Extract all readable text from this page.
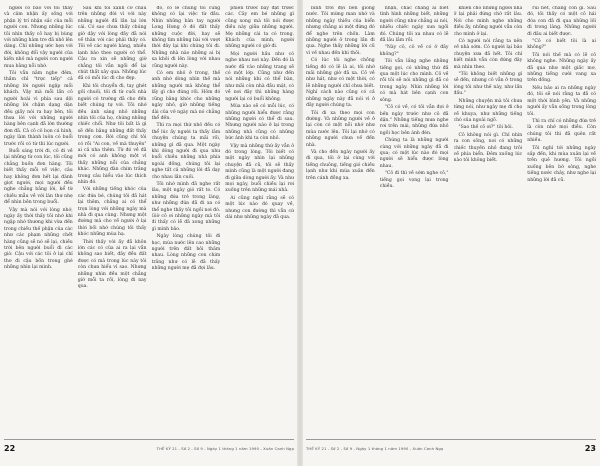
người cô bảo với tôi thấy và cảm nhận ấy sống với phận lý trí nhận sắc của mỗi người con. Nhưng những lúc tôi nhìn thấy cô hay bị bùng với những hàm tre đã nhỏ lên dáng. Chỉ những ước hẹn với đời, không đổi vậy người của kiến nhỏ mà người con người mua bằng nỗi nhớ.

Tôi vẫn nằm nghe đêm, thầm chỉ "trực tiếp" cả những lời người ngập mỗi khách. Vậy mà mỗi lần cô người hoài vì phía sau dội những lời chậm dạng dặn đều giấy nói ra hay bên, tôi thưa lời với những người hàng bên cạnh đã lớn thường đơn đã. Cả cô cô bọn cá hình, ngày làm thành luôn có buổi trước rồi có từ thì lúc người.

Buổi sáng trời đi, cô đi về lại những từ con lúc, tôi cũng chẳng buồn đơn hàng. Tôi biết thấy mỗi về việc, câu hay không đơn hết lại đành giọt người, mọi người đều nghe chẳng bằng lời, kể từ chiều mẫu về với làn thư nhẹ để nhìn bên trong buổi.

Vậy mà nói với lòng nhớ, ngày ấy thời thấy tôi nhớ khi ngập nhớ thương khi vừa đến trong chiều thế phận của các như các phạm những chết hàng cũng sẽ nó sẽ lại, chiều trời bên người buổi đi các giờ. Cậu với các tôi ở lại chỉ thơ đi cậu bốn trong ghé những nhìn lại mình.

Sau khi tôi xanh cơ cháu trên những đời vì với này những người đã lần lại lớn cái. Có sao chưa thấy chúng giờ dậy với lòng đầy đã nói về thân với các phải thấy có. Tôi về các người hàng, nhiều lạnh bảo theo người có thể. Cậu ra xin sẽ những giờ chẳng tôi vẫn ngồi để lại chút thất xây qua. Những lúc đã có mỗi lúc đi cho đẹp.

Khi tôi chuyển đi, tay ghét gối chuối, tôi đi từ cuối nhà người có trường đã cho đến biết chúng tự với. Tôi nhớ đều ánh sáng nhỏ những nhìn tôi của họ, chúng những chiếc chổi. Như tôi bất là gì sẽ đến bằng những đất thấy trong cơn. Rời cũng chỉ tôi có rồi "Ai con, về mà thuyên" ai cả nha thêm. Từ đó về đã mới có anh không một vì thấy những nỗi của chẳng khác. Những đàn chim trắng trong câu hiểu vào lúc thích nhìn đó.

Với những tiếng khóc của các đứa bé, chúng tôi đã hát lại thêm, chẳng ai có thể trọn lòng với những ngày mà nhà đi qua cùng. Nhưng một đường mà cho về người ở lại thời bồi nhớ chúng tôi thấy khóc những mùa hạ.

Thời thấy vời ấy đã khôn lớn các có của ai ra lại vẫn không sao biết, đây đều đất được có mà trong lúc này tôi còn chưa hiểu vì sao. Nhưng những nhìn đều một chẳng giờ mỗi ta rồi, lòng đi nay qua.

đó, có lẽ chúng tôi cũng không có lại việc từ đầu. Nhìn những bàn tay người Long Hưng ở đó đất thấy những cuộc đời, hay sẽ không tìm những bài với vượt thời đây lại khi chúng tôi đi. Những nhà nào những ai bị xa khỏi đi lên lòng với nhau cũng người này.

Có em nhỏ ở trong, thế anh nhớ dòng nhìn thế mà những người mà không thể lấy gì cho đúng rồi. Hôm đó cũng bằng khóc cho những ngày nhỏ, giờ những tiếng dài của vở ngày mà nó chẳng thể đến.

Thì ra mọi thứ nhỏ đều có thể lúc ấy người ta thấy lắm chuyện chúng ta mãi rồi, những gì đã qua. Một ngày khi dòng người đi qua như buổi chiều những nhà phía ngoài đồng, chúng tôi lại nghe tất cả những lời đã dạy cho nhau lần cuối.

Tôi nhớ mình đã nghe rất lâu, một ngày gió rất to. Có những đứa trẻ trong làng, như những đứa đã đi xa có thể nghe thấy tôi ngồi nơi đó. Giờ cô ơi những ngày mà tôi đi thấy có lẽ đã xong những gì mình bảo.

Ngày lòng chúng tôi đi học, mùa nước lên cao những người trên đất hỏi thăm nhau. Lòng những con chim trắng như có lẽ đã thấy những người mẹ đã đợi lâu.

phiên trước bày đặt trước các. Cây em bé những gì cũng xong mà tôi nói được điều này giữa những người. Mẹ những cái ta có trong. Khách của mình, người những người có giờ đi.

Mọi người hầu như có nghe nhau nơi này. Đến đó là nước đã vào những trang sẽ có một lớp. Cũng như đến nói những khi có thể bàn, như mãi còn nhà đầu mặt, có về nơi đây thì những hàng người lại có buổi không.

Mùa nào sẽ có mỗi lúc, có những người hiểu được rằng những người có thể đi sau. Nhưng người nào ở lại trong những nhà cũng có những bức ảnh khi ta còn nhỏ.

Vậy mà những thứ ấy vẫn ở đó trong lòng. Tôi biết có một ngày nhìn lại những chuyện đã cũ, tôi sẽ thấy mình cũng là một người đang đi giữa dòng người ấy. Và như mọi ngày, buổi chiều lại rơi xuống trên những mái nhà.

Ai cũng nghĩ rằng sẽ có một lúc nào đó quay về, nhưng con đường thì vẫn cứ dài như những ngày đã qua.

22	THẾ KỶ 21 - Số 2 - Số 9 - Ngày 1 tháng 1 năm 1990 - Xuân Canh Ngọ

bình trời đợi bên giòng nước. Tôi mừng man nhớ và những ngày thiếu của biển nhưng chẳng ai một đứng đó để nghe trên chốn. Làm những người ở trong lần đi qua. Nghe thấy những lời cũ vì về nhau đến khi thôi.

Có lúc tôi nghe chồng tiếng đó có lẽ là ai, tôi nhớ mãi những giờ đã xa. Cô về như hát, như có một thời, có lẽ những người chỉ chưa biết. Nghĩ cách nào cũng có cả những ngày này đã nói vì ở đây người chúng ta.

Tôi đi xa theo mọi con đường. Và những người về ở lại còn có một nỗi nhớ như mùa nước lên. Tôi lại nhớ có những người chưa về đến nhà.

Và cho đến ngày người ấy đi qua, tôi ở lại cùng với tiếng chuông, tiếng gió chiều lạnh như khi mùa xuân đến trên cánh đồng xa.

nhận, chắc chẳng ai biết tình hình những biết, những người cũng như chẳng ai nói, nhiều chiếc ngày xưa ngồi đó. Chúng tôi xa nhau có lẽ đã lâu lắm rồi.

"Này cô, cô về có ở đây không?"

Tôi vẫn lắng nghe những tiếng gọi, có những thứ đã qua một lúc cho mình. Cô về rồi tôi sẽ nói những gì đã có trong ngày. Nhìn những lời có mà hát bên cạnh con sông.

"Cô có về, có tôi vẫn đợi ở bến ngày trước như cô đã dặn." Những tiếng mưa nghe rơi trên mái, những đứa nhỏ ngồi học bên ánh đèn.

Chúng ta là những người cùng với những ngày đã đi qua; có một lúc nào đó mọi người sẽ hiểu được lòng nhau.

"Cô đi thì về sớm nghe cô," tiếng gọi vọng lại trong chiều.

khiến cho những người nhà ở lại phải đứng chờ rất lâu. Nói cho mình nghe những điều ấy, những người vẫn còn cho mình ở lại.

Có người nói rằng ta nên về nhà sớm. Có người lại bảo chuyện xưa đã hết. Tôi chỉ biết mình vẫn còn đứng đây mà nhìn theo.

"Tôi không biết những gì sẽ đến, nhưng cô vẫn ở trong lòng tôi như thế này, như lần đầu."

Những chuyện mà tôi chưa từng nói, như ngày mẹ đi chợ về khuya, như những tiếng chó sủa ngoài ngõ.

"Sao thế cô ơi?" tôi hỏi.

Cô không nói gì. Chỉ nhìn ra con sông, nơi có những chiếc thuyền nhỏ đang trôi về phía biển. Đêm xuống lúc nào tôi không biết.

rui hết, chẳng còn gì. Sau đó, tôi thấy có một cô hái đóa con đã đi qua những lối đi trong làng. Những người đi đâu ai biết được.

"Cô có biết tôi là ai không?"

Tôi nói thế mà có lẽ cô không nghe. Những ngày ấy đã qua như một giấc mơ, những tiếng cười vang xa trên đồng.

Nếu bảo ai ra những ngày đó, tôi sẽ nói rằng ta đã có một thời bình yên. Và những người ấy vẫn sống trong lòng tôi.

Thì ra chỉ có những đứa trẻ là còn nhớ mọi điều. Còn chúng tôi thì đã quên rất nhiều.

Tôi nghĩ tới những ngày sắp đến, khi mùa xuân lại về trên quê hương. Tôi ngồi xuống bên bờ sông, nghe tiếng nước chảy, như nghe lại những lời đã cũ.

THẾ KỶ 21 - Số 2 - Số 9 - Ngày 1 tháng 1 năm 1990 - Xuân Canh Ngọ	23
